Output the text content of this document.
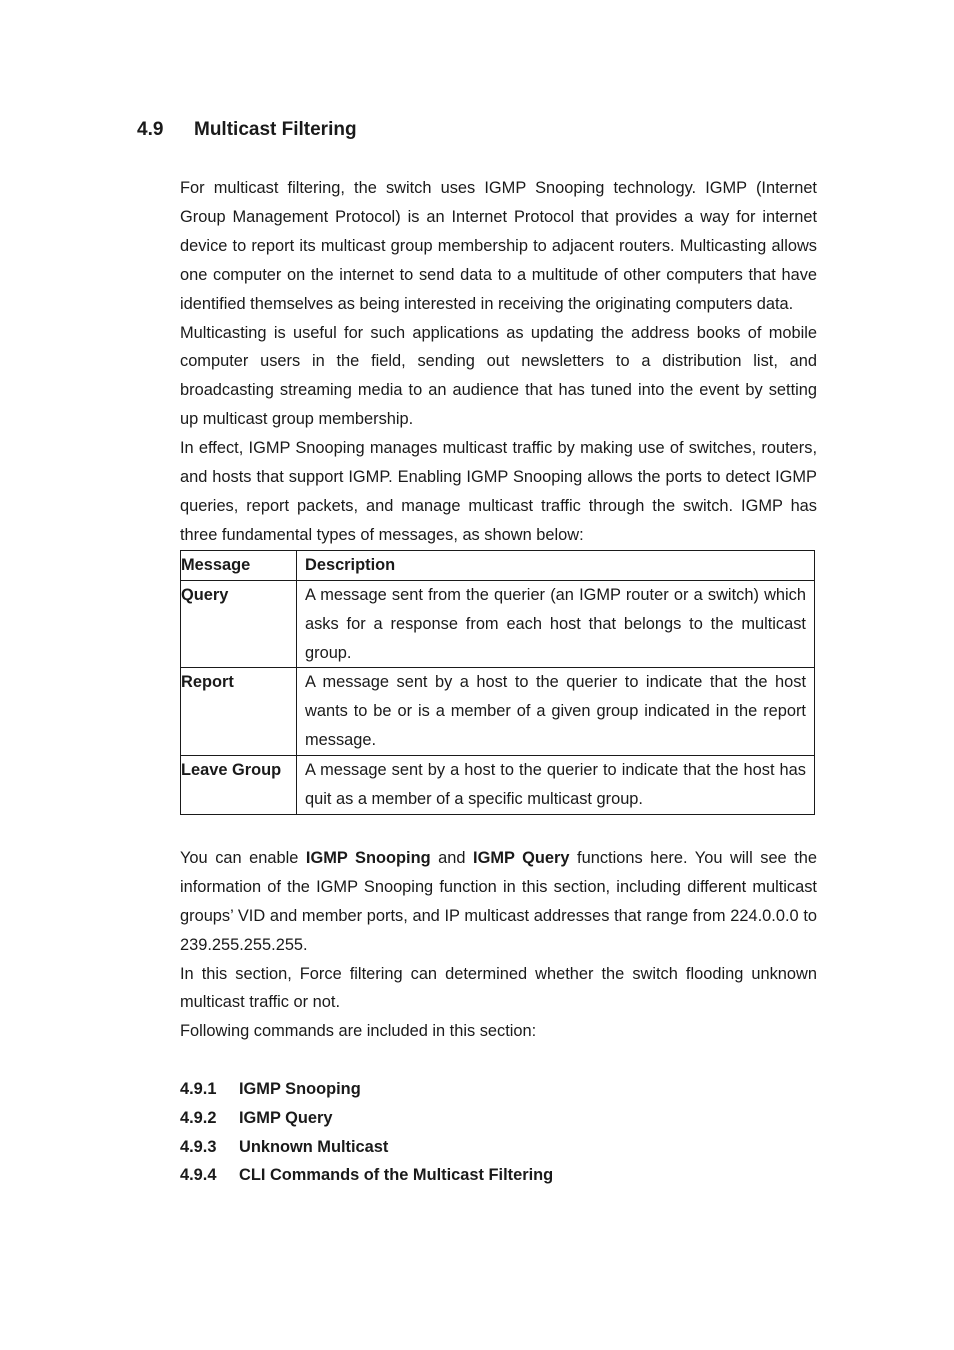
4.9	Multicast Filtering

For multicast filtering, the switch uses IGMP Snooping technology. IGMP (Internet Group Management Protocol) is an Internet Protocol that provides a way for internet device to report its multicast group membership to adjacent routers. Multicasting allows one computer on the internet to send data to a multitude of other computers that have identified themselves as being interested in receiving the originating computers data.

Multicasting is useful for such applications as updating the address books of mobile computer users in the field, sending out newsletters to a distribution list, and broadcasting streaming media to an audience that has tuned into the event by setting up multicast group membership.

In effect, IGMP Snooping manages multicast traffic by making use of switches, routers, and hosts that support IGMP. Enabling IGMP Snooping allows the ports to detect IGMP queries, report packets, and manage multicast traffic through the switch. IGMP has three fundamental types of messages, as shown below:

Message	Description
Query	A message sent from the querier (an IGMP router or a switch) which asks for a response from each host that belongs to the multicast group.
Report	A message sent by a host to the querier to indicate that the host wants to be or is a member of a given group indicated in the report message.
Leave Group	A message sent by a host to the querier to indicate that the host has quit as a member of a specific multicast group.

You can enable IGMP Snooping and IGMP Query functions here. You will see the information of the IGMP Snooping function in this section, including different multicast groups’ VID and member ports, and IP multicast addresses that range from 224.0.0.0 to 239.255.255.255.

In this section, Force filtering can determined whether the switch flooding unknown multicast traffic or not.

Following commands are included in this section:

4.9.1	IGMP Snooping
4.9.2	IGMP Query
4.9.3	Unknown Multicast
4.9.4	CLI Commands of the Multicast Filtering
